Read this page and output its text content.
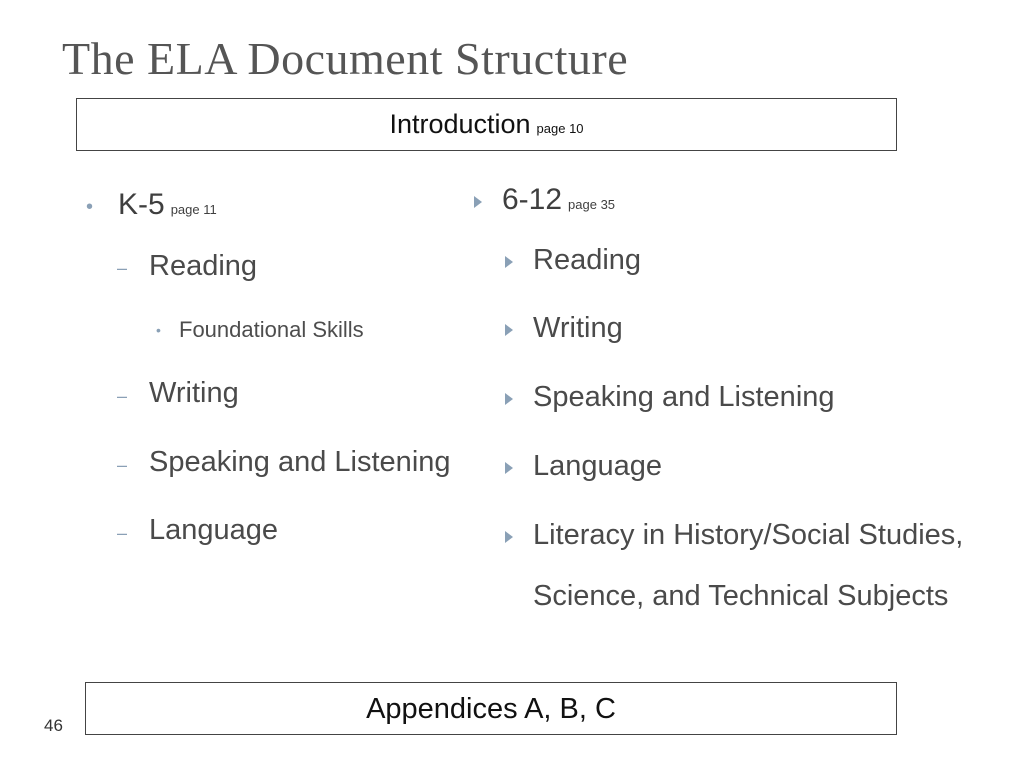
The ELA Document Structure
Introduction page 10
• K-5 page 11
– Reading
• Foundational Skills
– Writing
– Speaking and Listening
– Language
6-12 page 35
Reading
Writing
Speaking and Listening
Language
Literacy in History/Social Studies,
Science, and Technical Subjects
Appendices A, B, C
46
